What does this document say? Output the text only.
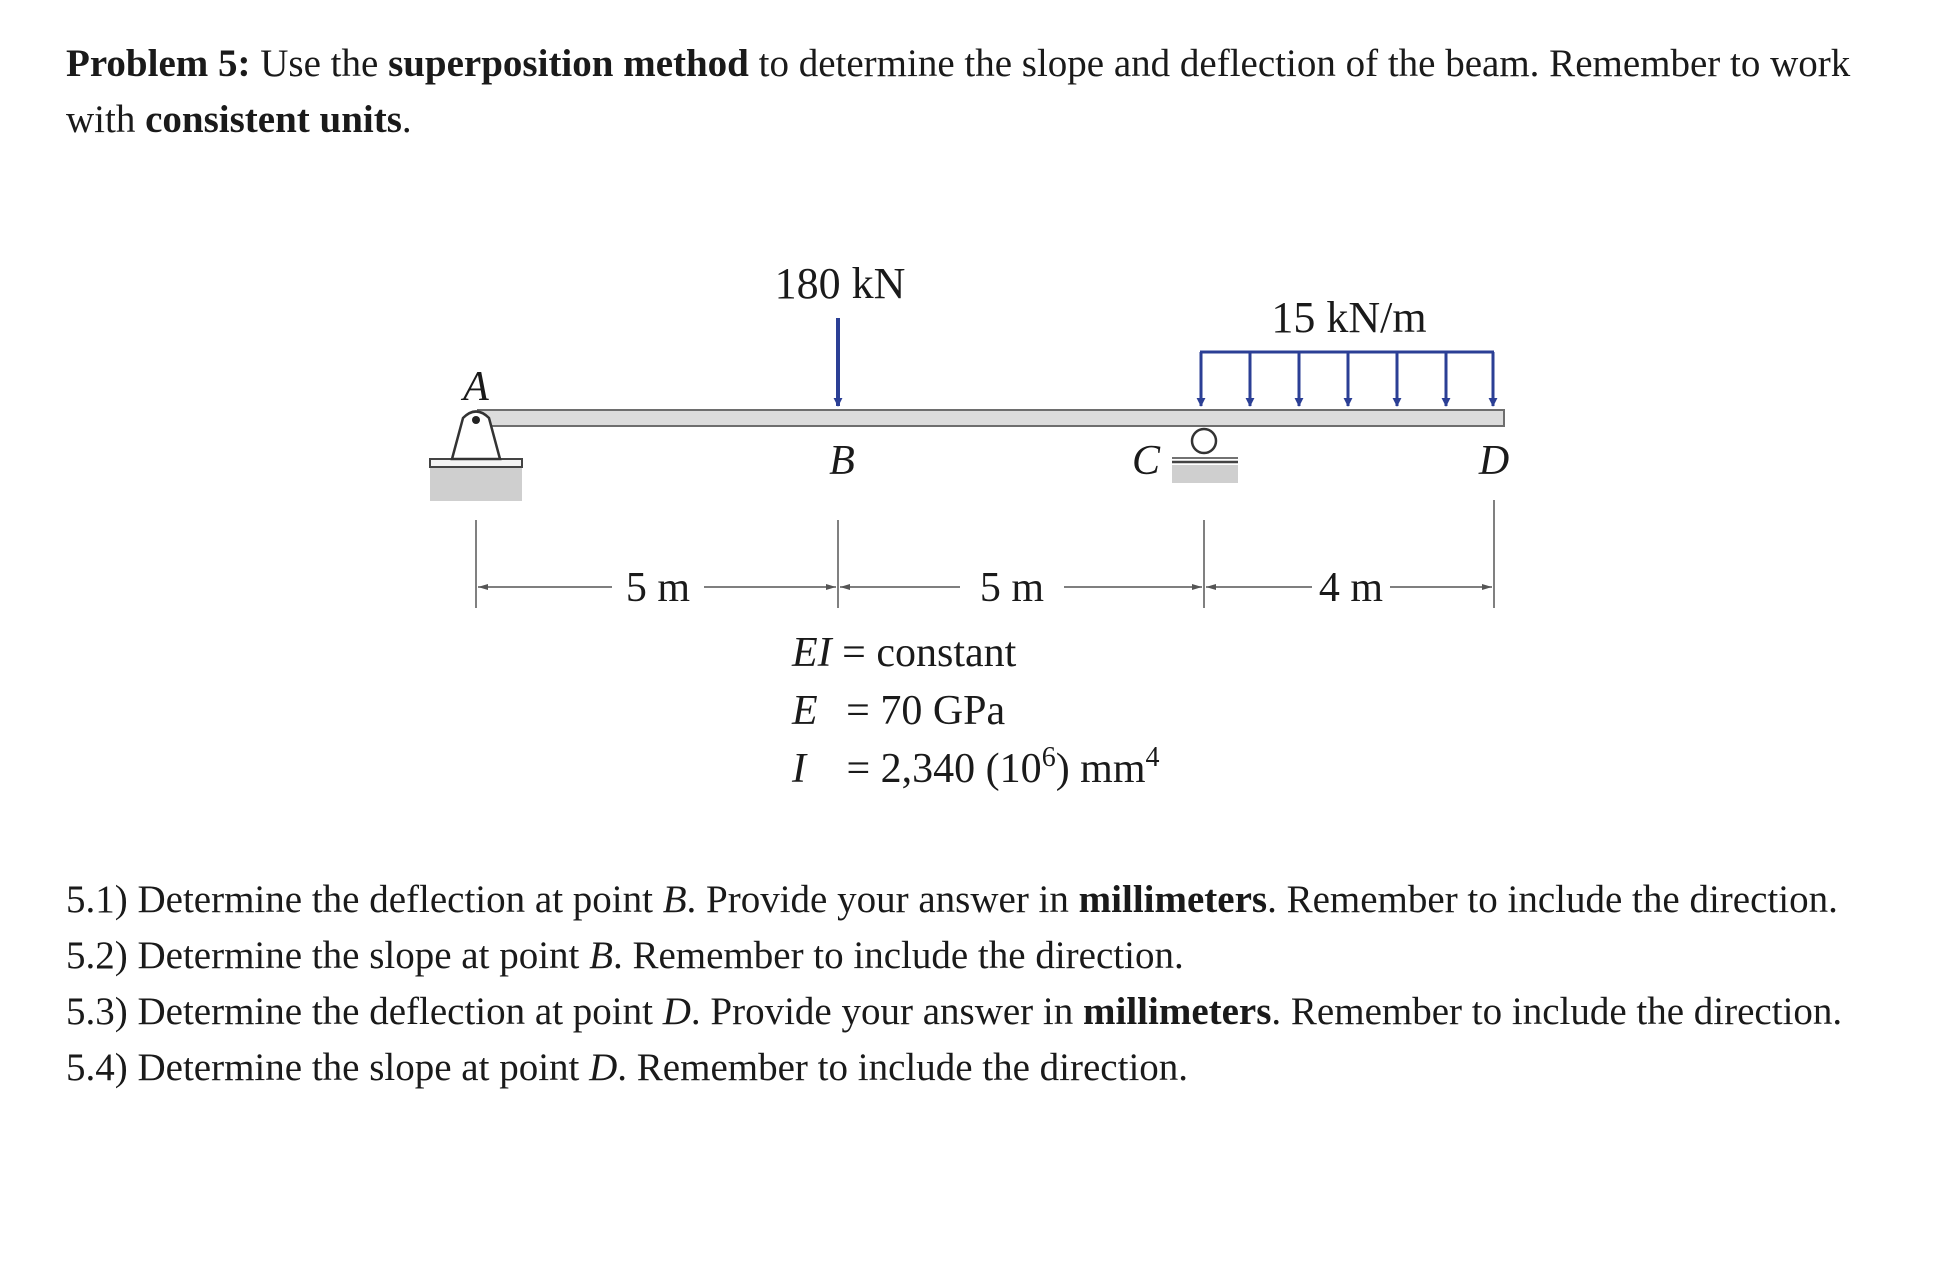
Problem 5: Use the superposition method to determine the slope and deflection of the beam. Remember to work with consistent units.

180 kN
15 kN/m
A
B	C	D
5 m	5 m	4 m
EI = constant
E = 70 GPa
I = 2,340 $(10^6)$ $mm^4$
5.1) Determine the deflection at point B. Provide your answer in millimeters. Remember to include the direction.
5.2) Determine the slope at point B. Remember to include the direction.
5.3) Determine the deflection at point D. Provide your answer in millimeters. Remember to include the direction.
5.4) Determine the slope at point D. Remember to include the direction.
